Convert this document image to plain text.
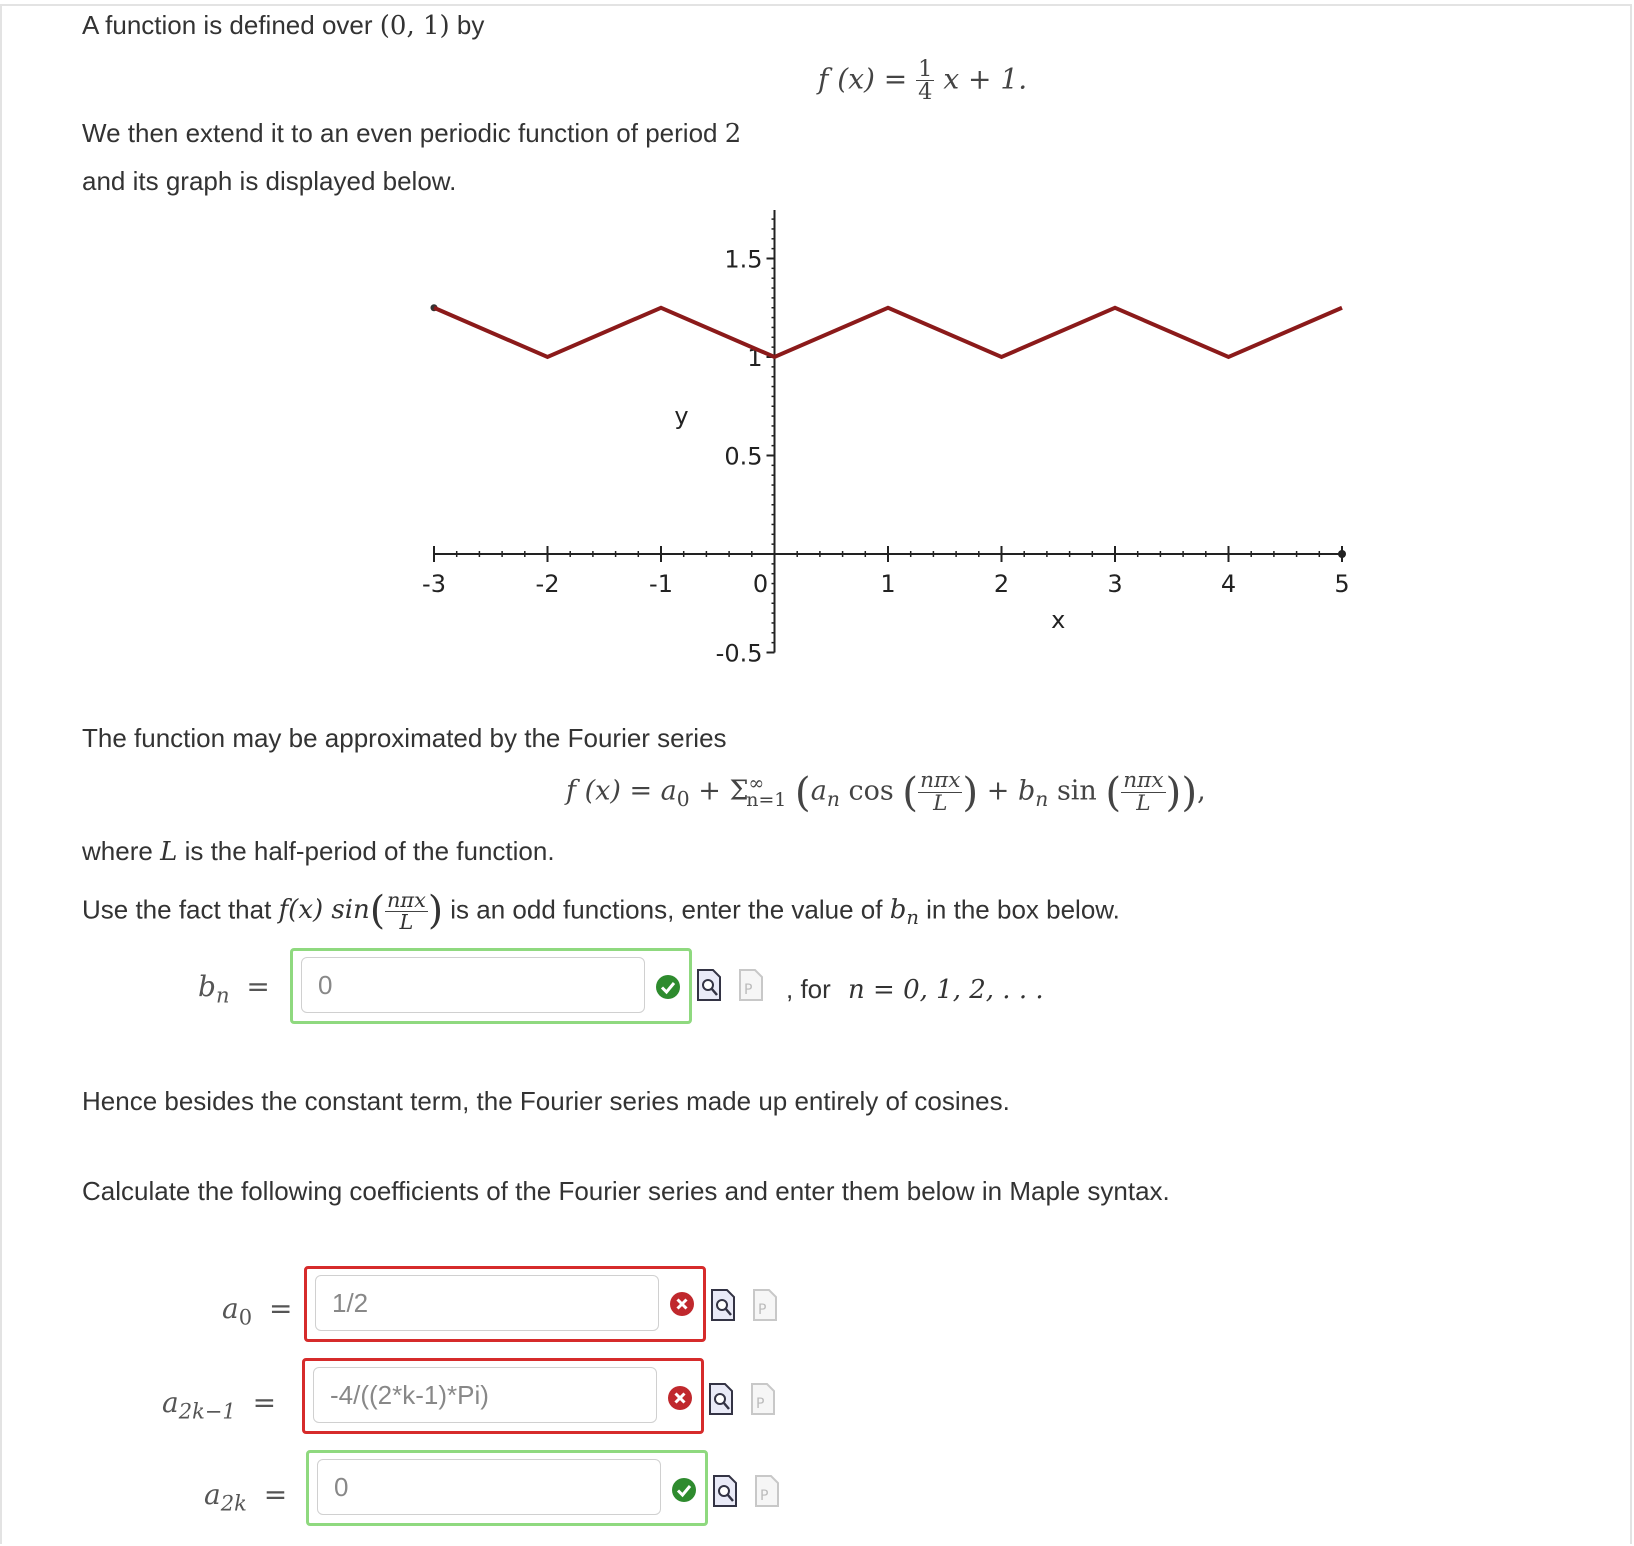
A function is defined over (0, 1) by
f $(x) = \frac{1}{4}$ x + 1.
We then extend it to an even periodic function of period 2
and its graph is displayed below.
-3	-2	-1	0	1	2	3	4	5
1.5
1
0.5
-0.5
x
y
The function may be approximated by the Fourier series
f $(x) = a_0 + \Sigma^\infty_{n=1}$ ($a_n$ cos ( $\frac{\text{nπx}}{L}$ ) + $b_n$ sin ( $\frac{\text{nπx}}{L}$ )),
where L is the half-period of the function.
Use the fact that f(x) $\sin( \frac{\text{nπx}}{L}$ ) is an odd functions, enter the value of $b_n$ in the box below.
$b_n$ =
0	P , for n = 0, 1, 2, . . .
Hence besides the constant term, the Fourier series made up entirely of cosines.
Calculate the following coefficients of the Fourier series and enter them below in Maple syntax.
$a_0$ =
1/2	P
$a_{2k-1}$ =
-4/((2*k-1)*Pi)	P
$a_{2k}$ =
0	P
